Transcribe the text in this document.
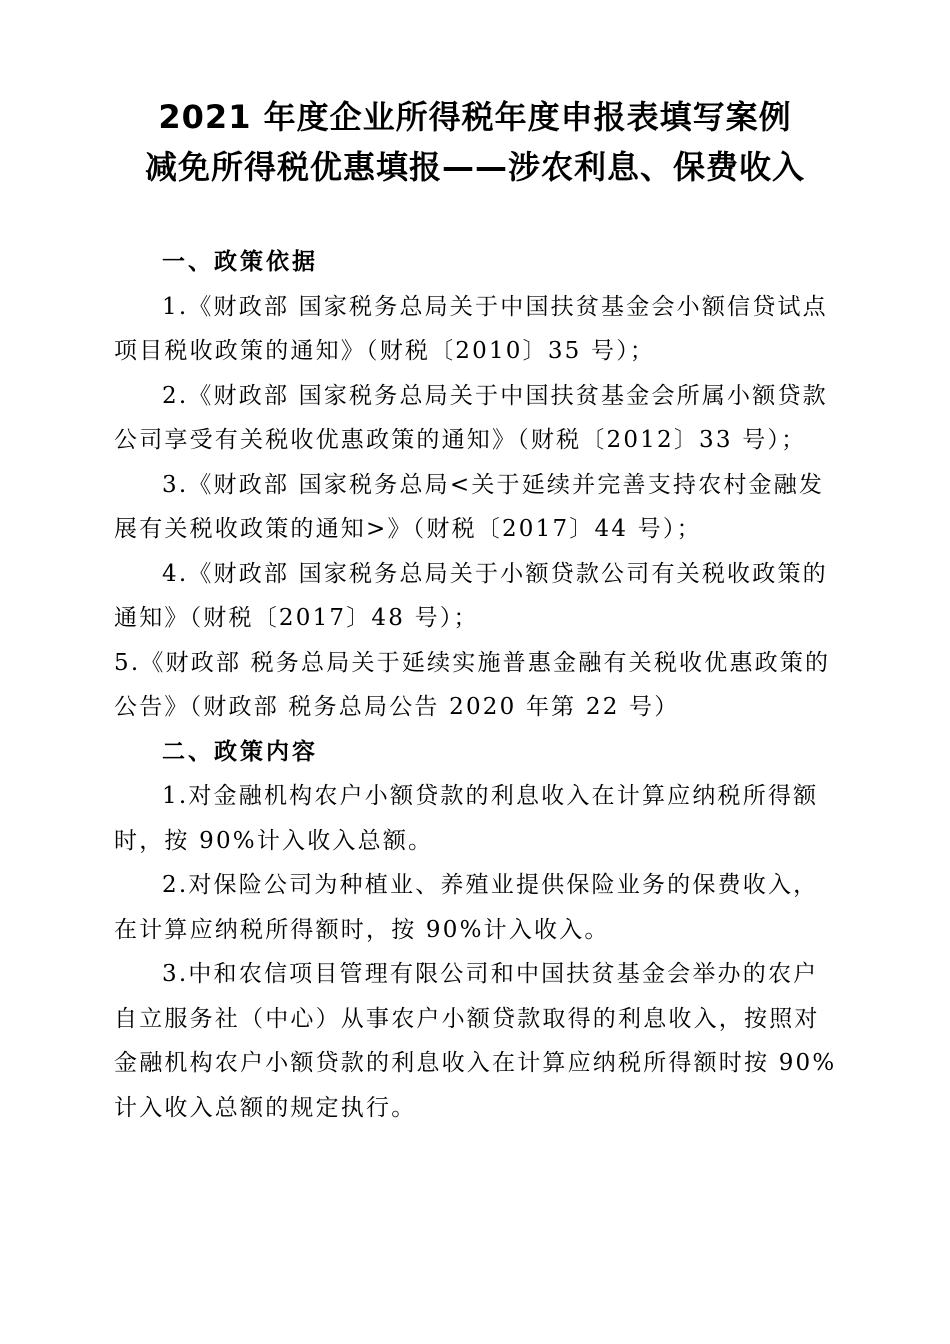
2021 年度企业所得税年度申报表填写案例
减免所得税优惠填报——涉农利息、保费收入
一、政策依据
1.《财政部 国家税务总局关于中国扶贫基金会小额信贷试点
项目税收政策的通知》（财税〔2010〕35 号）；
2.《财政部 国家税务总局关于中国扶贫基金会所属小额贷款
公司享受有关税收优惠政策的通知》（财税〔2012〕33 号）；
3.《财政部 国家税务总局<关于延续并完善支持农村金融发
展有关税收政策的通知>》（财税〔2017〕44 号）；
4.《财政部 国家税务总局关于小额贷款公司有关税收政策的
通知》（财税〔2017〕48 号）；
5.《财政部 税务总局关于延续实施普惠金融有关税收优惠政策的
公告》（财政部 税务总局公告 2020 年第 22 号）
二、政策内容
1.对金融机构农户小额贷款的利息收入在计算应纳税所得额
时，按 90%计入收入总额。
2.对保险公司为种植业、养殖业提供保险业务的保费收入，
在计算应纳税所得额时，按 90%计入收入。
3.中和农信项目管理有限公司和中国扶贫基金会举办的农户
自立服务社（中心）从事农户小额贷款取得的利息收入，按照对
金融机构农户小额贷款的利息收入在计算应纳税所得额时按 90%
计入收入总额的规定执行。
